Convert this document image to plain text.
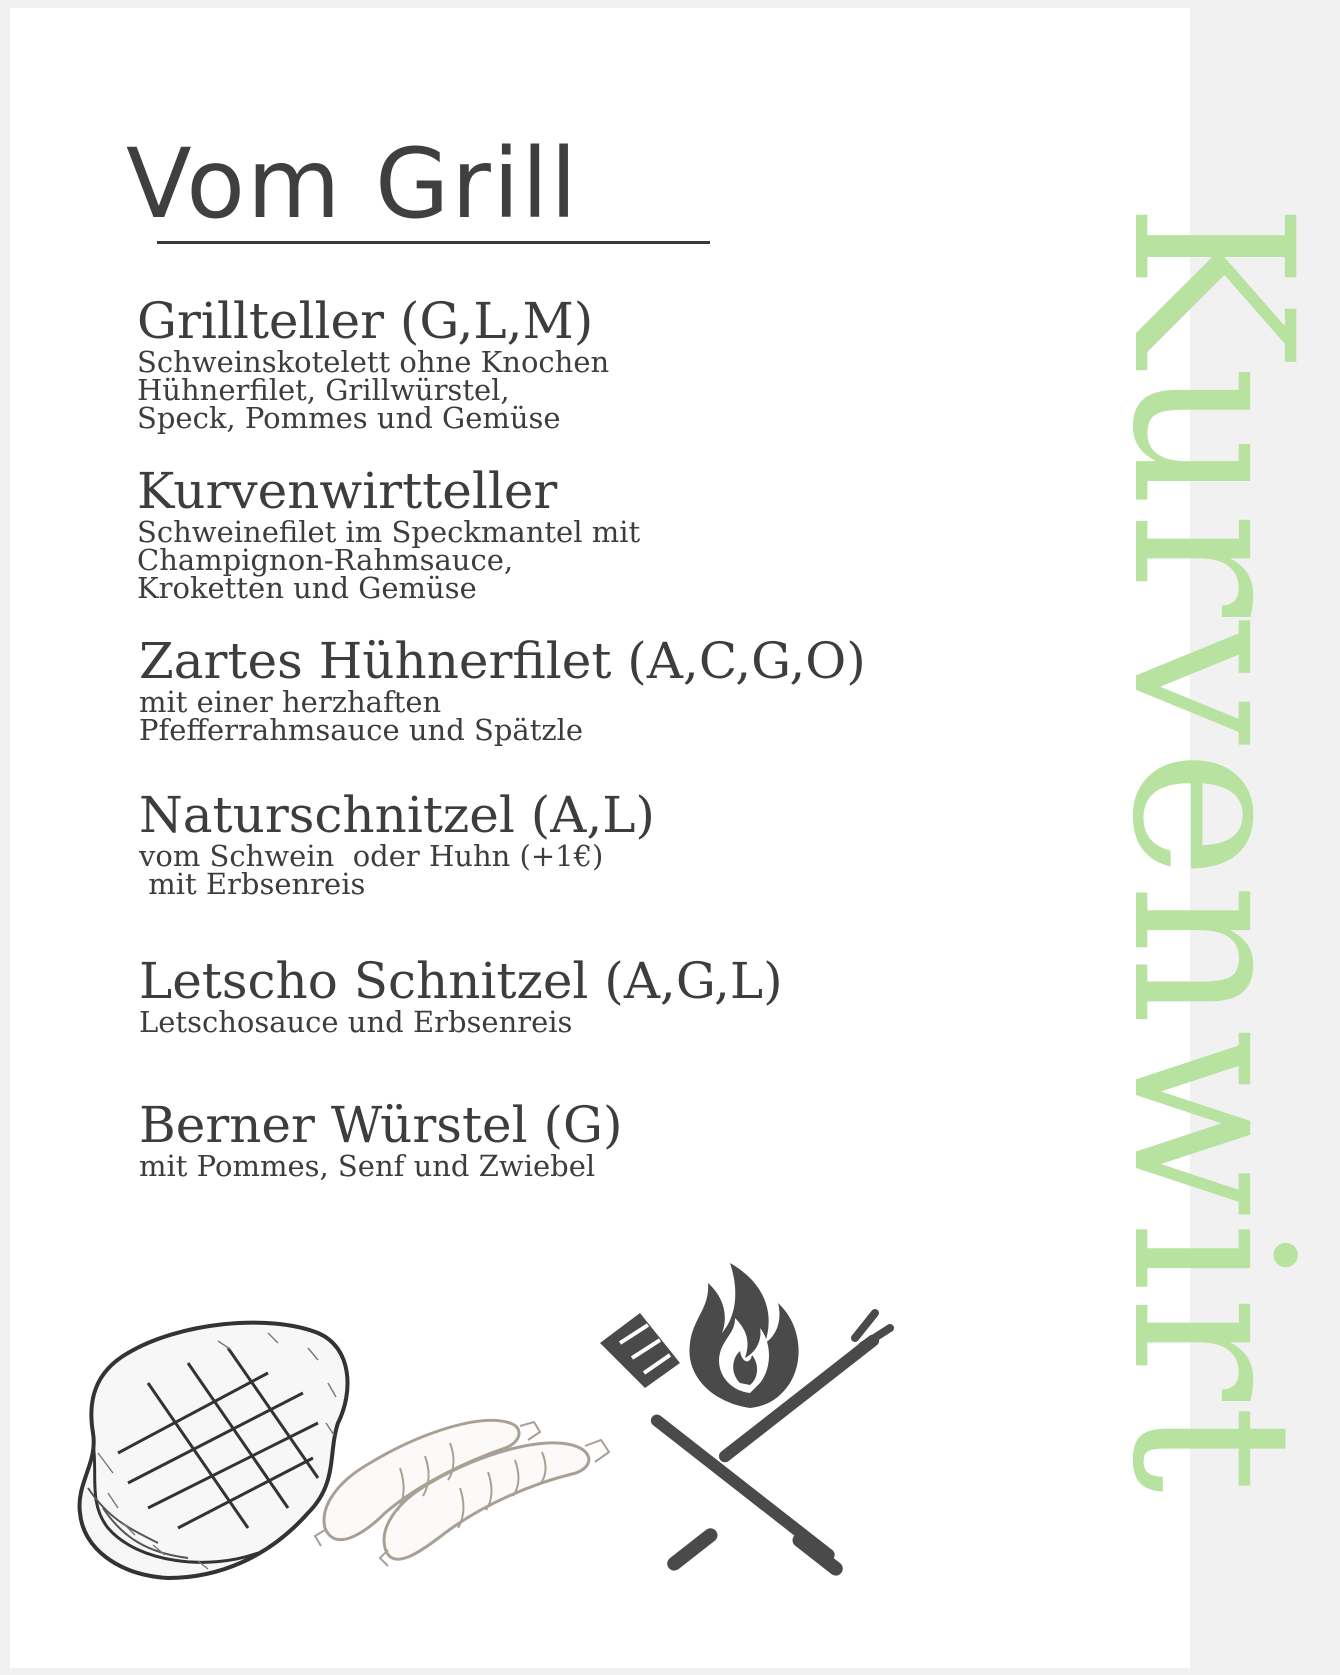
Vom Grill
Grillteller (G,L,M)
Schweinskotelett ohne Knochen
Hühnerfilet, Grillwürstel,
Speck, Pommes und Gemüse
Kurvenwirtteller
Schweinefilet im Speckmantel mit
Champignon-Rahmsauce,
Kroketten und Gemüse
Zartes Hühnerfilet (A,C,G,O)
mit einer herzhaften
Pfefferrahmsauce und Spätzle
Naturschnitzel (A,L)
vom Schwein  oder Huhn (+1€)
mit Erbsenreis
Letscho Schnitzel (A,G,L)
Letschosauce und Erbsenreis
Berner Würstel (G)
mit Pommes, Senf und Zwiebel	Kurvenwirt
